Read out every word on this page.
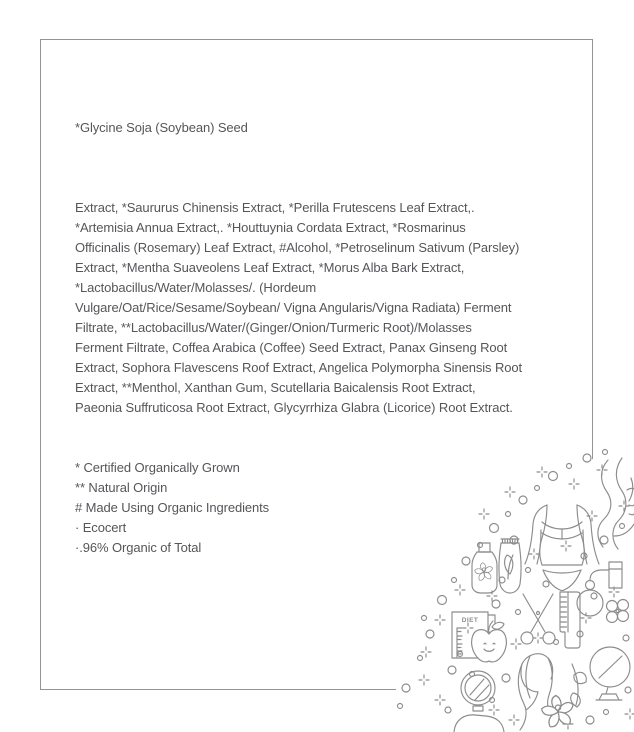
*Glycine Soja (Soybean) Seed

Extract, *Saururus Chinensis Extract, *Perilla Frutescens Leaf Extract,.
*Artemisia Annua Extract,. *Houttuynia Cordata Extract, *Rosmarinus
Officinalis (Rosemary) Leaf Extract, #Alcohol, *Petroselinum Sativum (Parsley)
Extract, *Mentha Suaveolens Leaf Extract, *Morus Alba Bark Extract,
*Lactobacillus/Water/Molasses/. (Hordeum
Vulgare/Oat/Rice/Sesame/Soybean/ Vigna Angularis/Vigna Radiata) Ferment
Filtrate, **Lactobacillus/Water/(Ginger/Onion/Turmeric Root)/Molasses
Ferment Filtrate, Coffea Arabica (Coffee) Seed Extract, Panax Ginseng Root
Extract, Sophora Flavescens Roof Extract, Angelica Polymorpha Sinensis Root
Extract, **Menthol, Xanthan Gum, Scutellaria Baicalensis Root Extract,
Paeonia Suffruticosa Root Extract, Glycyrrhiza Glabra (Licorice) Root Extract.

* Certified Organically Grown
** Natural Origin
# Made Using Organic Ingredients
· Ecocert
·.96% Organic of Total

DIET
